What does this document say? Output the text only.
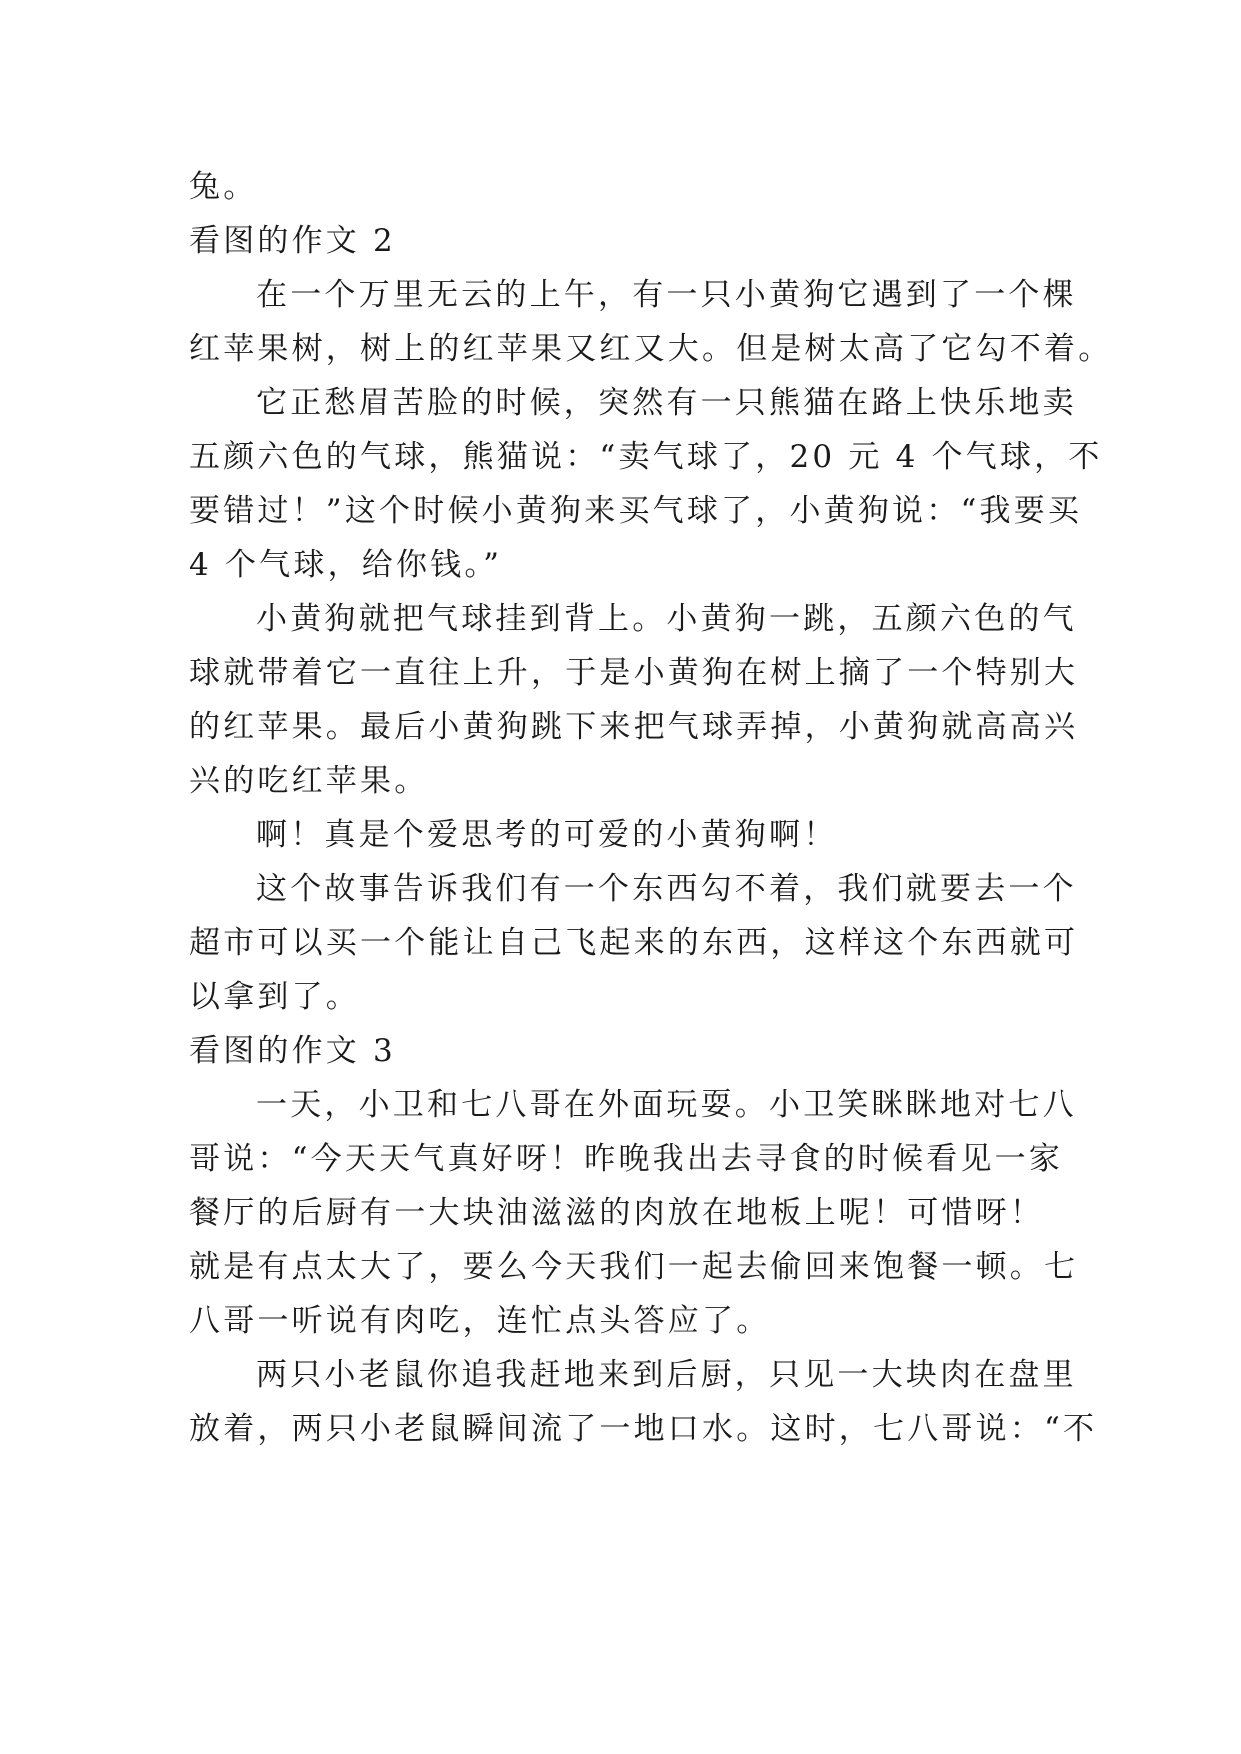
兔。
看图的作文 2
在一个万里无云的上午，有一只小黄狗它遇到了一个棵
红苹果树，树上的红苹果又红又大。但是树太高了它勾不着。
它正愁眉苦脸的时候，突然有一只熊猫在路上快乐地卖
五颜六色的气球，熊猫说：“卖气球了，20 元 4 个气球，不
要错过！”这个时候小黄狗来买气球了，小黄狗说：“我要买
4 个气球，给你钱。”
小黄狗就把气球挂到背上。小黄狗一跳，五颜六色的气
球就带着它一直往上升，于是小黄狗在树上摘了一个特别大
的红苹果。最后小黄狗跳下来把气球弄掉，小黄狗就高高兴
兴的吃红苹果。
啊！真是个爱思考的可爱的小黄狗啊！
这个故事告诉我们有一个东西勾不着，我们就要去一个
超市可以买一个能让自己飞起来的东西，这样这个东西就可
以拿到了。
看图的作文 3
一天，小卫和七八哥在外面玩耍。小卫笑眯眯地对七八
哥说：“今天天气真好呀！昨晚我出去寻食的时候看见一家
餐厅的后厨有一大块油滋滋的肉放在地板上呢！可惜呀！
就是有点太大了，要么今天我们一起去偷回来饱餐一顿。七
八哥一听说有肉吃，连忙点头答应了。
两只小老鼠你追我赶地来到后厨，只见一大块肉在盘里
放着，两只小老鼠瞬间流了一地口水。这时，七八哥说：“不
